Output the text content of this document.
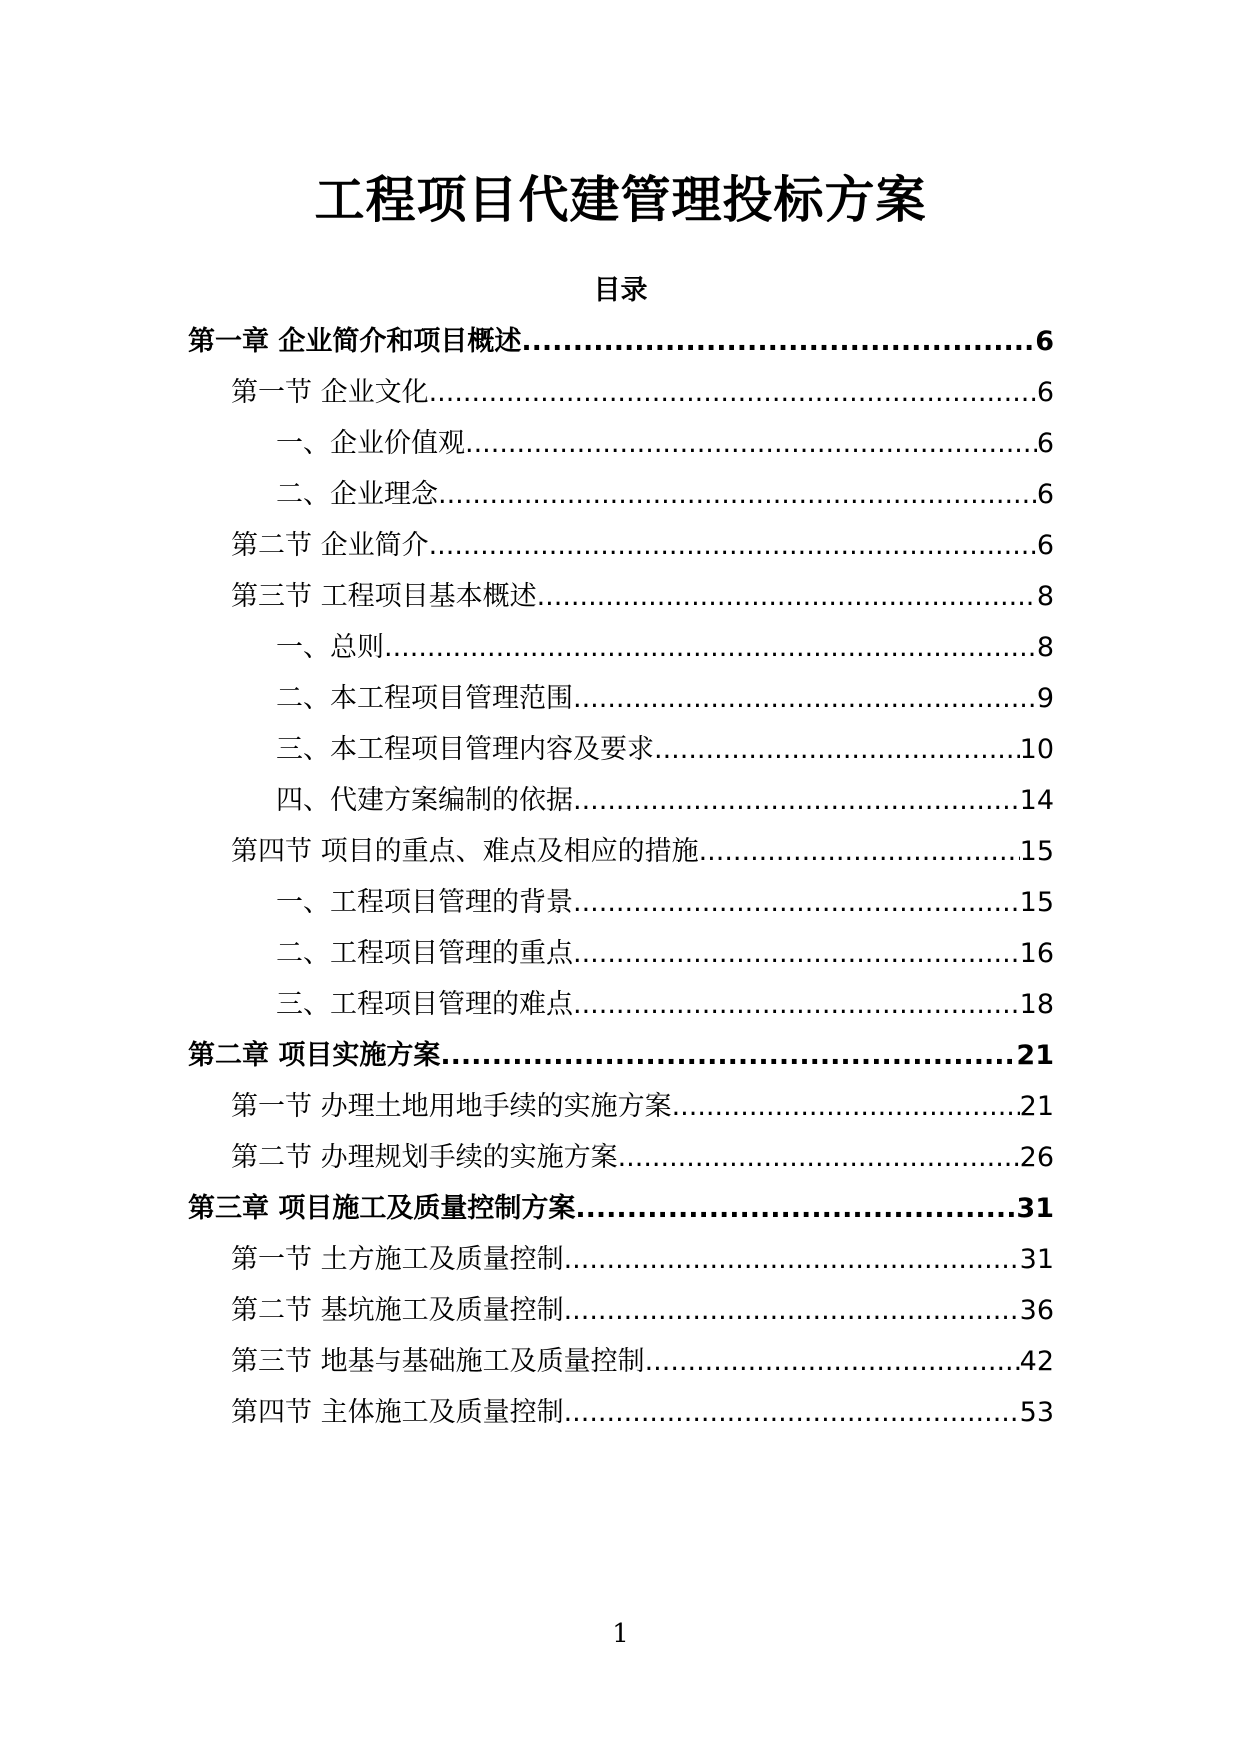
工程项目代建管理投标方案
目录
第一章 企业简介和项目概述 .....	6
第一节 企业文化 .....	6
一、企业价值观 .....	6
二、企业理念 .....	6
第二节 企业简介 .....	6
第三节 工程项目基本概述 .....	8
一、总则 .....	8
二、本工程项目管理范围 .....	9
三、本工程项目管理内容及要求 .....	10
四、代建方案编制的依据 .....	14
第四节 项目的重点、难点及相应的措施 .....	15
一、工程项目管理的背景 .....	15
二、工程项目管理的重点 .....	16
三、工程项目管理的难点 .....	18
第二章 项目实施方案 .....	21
第一节 办理土地用地手续的实施方案 .....	21
第二节 办理规划手续的实施方案 .....	26
第三章 项目施工及质量控制方案 .....	31
第一节 土方施工及质量控制 .....	31
第二节 基坑施工及质量控制 .....	36
第三节 地基与基础施工及质量控制 .....	42
第四节 主体施工及质量控制 .....	53

1
